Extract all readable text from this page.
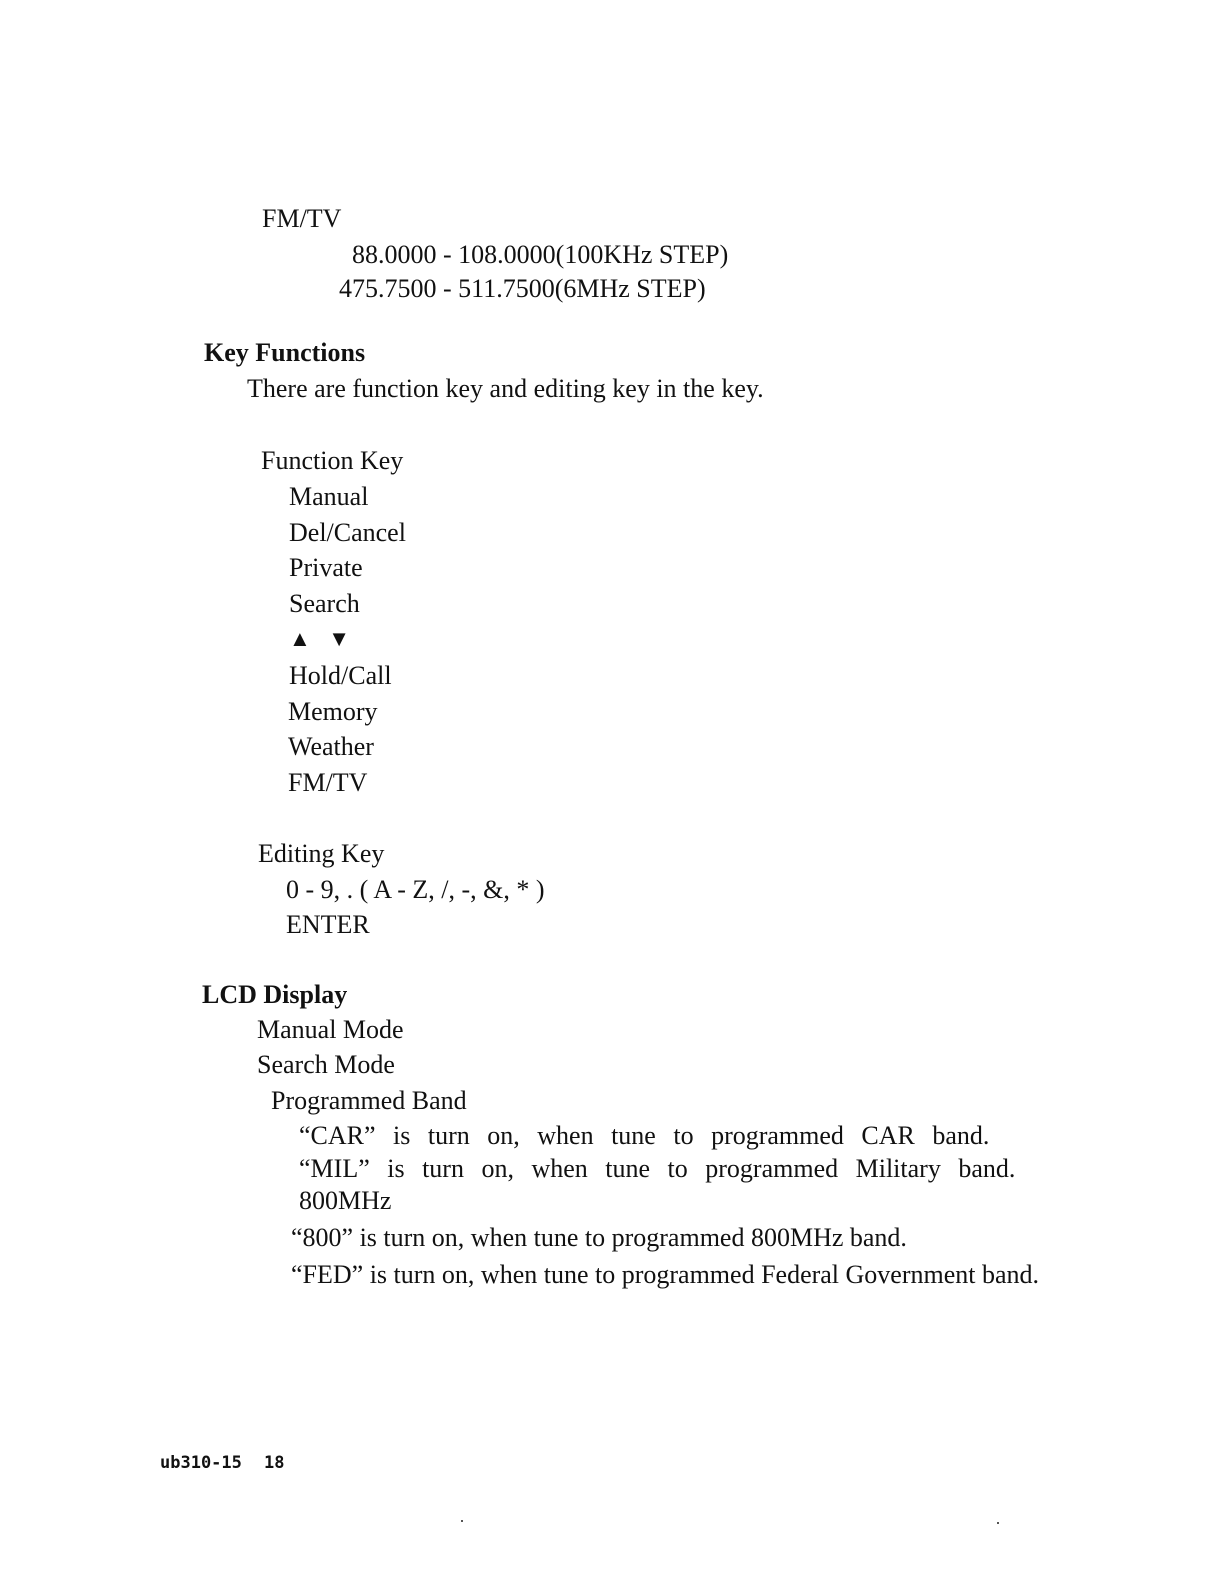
FM/TV
88.0000 - 108.0000(100KHz STEP)
475.7500 - 511.7500(6MHz STEP)
Key Functions
There are function key and editing key in the key.
Function Key
Manual
Del/Cancel
Private
Search
▲ ▼
Hold/Call
Memory
Weather
FM/TV
Editing Key
0 - 9, . ( A - Z, /, -, &, * )
ENTER
LCD Display
Manual Mode
Search Mode
Programmed Band
“CAR” is turn on, when tune to programmed CAR band.
“MIL” is turn on, when tune to programmed Military band.
800MHz
“800” is turn on, when tune to programmed 800MHz band.
“FED” is turn on, when tune to programmed Federal Government band.
ub310-15 18
